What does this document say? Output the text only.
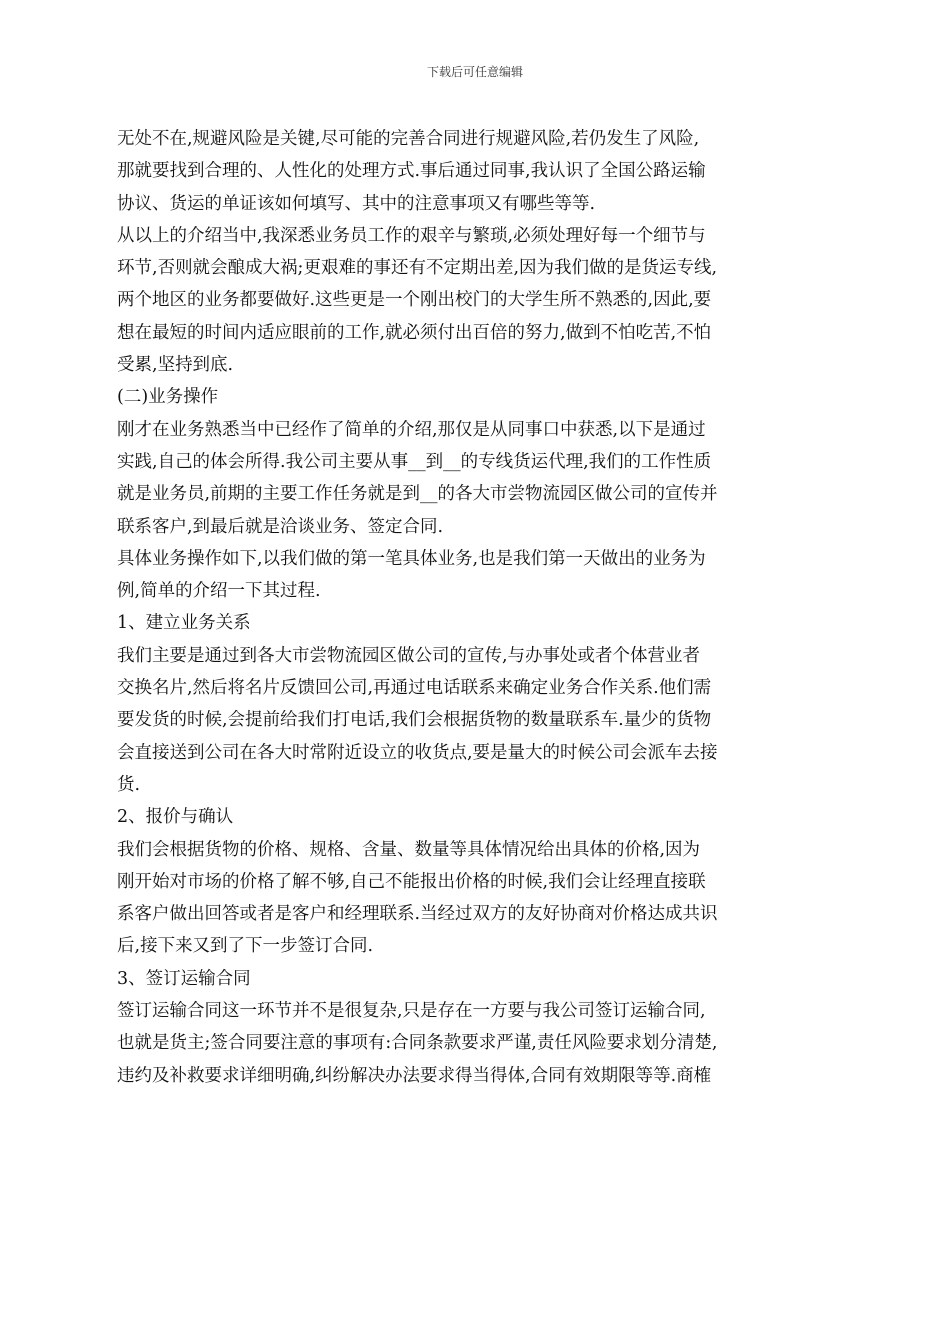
下载后可任意编辑
无处不在,规避风险是关键,尽可能的完善合同进行规避风险,若仍发生了风险,
那就要找到合理的、人性化的处理方式.事后通过同事,我认识了全国公路运输
协议、货运的单证该如何填写、其中的注意事项又有哪些等等.
从以上的介绍当中,我深悉业务员工作的艰辛与繁琐,必须处理好每一个细节与
环节,否则就会酿成大祸;更艰难的事还有不定期出差,因为我们做的是货运专线,
两个地区的业务都要做好.这些更是一个刚出校门的大学生所不熟悉的,因此,要
想在最短的时间内适应眼前的工作,就必须付出百倍的努力,做到不怕吃苦,不怕
受累,坚持到底.
(二)业务操作
刚才在业务熟悉当中已经作了简单的介绍,那仅是从同事口中获悉,以下是通过
实践,自己的体会所得.我公司主要从事__到__的专线货运代理,我们的工作性质
就是业务员,前期的主要工作任务就是到__的各大市尝物流园区做公司的宣传并
联系客户,到最后就是洽谈业务、签定合同.
具体业务操作如下,以我们做的第一笔具体业务,也是我们第一天做出的业务为
例,简单的介绍一下其过程.
1、建立业务关系
我们主要是通过到各大市尝物流园区做公司的宣传,与办事处或者个体营业者
交换名片,然后将名片反馈回公司,再通过电话联系来确定业务合作关系.他们需
要发货的时候,会提前给我们打电话,我们会根据货物的数量联系车.量少的货物
会直接送到公司在各大时常附近设立的收货点,要是量大的时候公司会派车去接
货.
2、报价与确认
我们会根据货物的价格、规格、含量、数量等具体情况给出具体的价格,因为
刚开始对市场的价格了解不够,自己不能报出价格的时候,我们会让经理直接联
系客户做出回答或者是客户和经理联系.当经过双方的友好协商对价格达成共识
后,接下来又到了下一步签订合同.
3、签订运输合同
签订运输合同这一环节并不是很复杂,只是存在一方要与我公司签订运输合同,
也就是货主;签合同要注意的事项有:合同条款要求严谨,责任风险要求划分清楚,
违约及补救要求详细明确,纠纷解决办法要求得当得体,合同有效期限等等.商榷
